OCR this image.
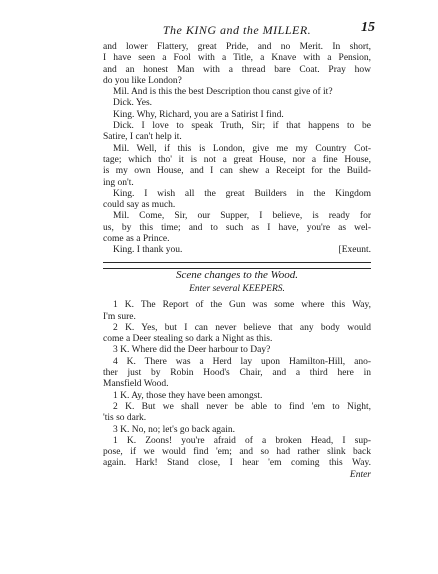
The KING and the MILLER.	15
and lower Flattery, great Pride, and no Merit. In short,
I have seen a Fool with a Title, a Knave with a Pension,
and an honest Man with a thread bare Coat. Pray how
do you like London?
Mil. And is this the best Description thou canst give of it?
Dick. Yes.
King. Why, Richard, you are a Satirist I find.
Dick. I love to speak Truth, Sir; if that happens to be
Satire, I can't help it.
Mil. Well, if this is London, give me my Country Cot-
tage; which tho' it is not a great House, nor a fine House,
is my own House, and I can shew a Receipt for the Build-
ing on't.
King. I wish all the great Builders in the Kingdom
could say as much.
Mil. Come, Sir, our Supper, I believe, is ready for
us, by this time; and to such as I have, you're as wel-
come as a Prince.
King. I thank you.	[Exeunt.
Scene changes to the Wood.
Enter several KEEPERS.
1 K. The Report of the Gun was some where this Way,
I'm sure.
2 K. Yes, but I can never believe that any body would
come a Deer stealing so dark a Night as this.
3 K. Where did the Deer harbour to Day?
4 K. There was a Herd lay upon Hamilton-Hill, ano-
ther just by Robin Hood's Chair, and a third here in
Mansfield Wood.
1 K. Ay, those they have been amongst.
2 K. But we shall never be able to find 'em to Night,
'tis so dark.
3 K. No, no; let's go back again.
1 K. Zoons! you're afraid of a broken Head, I sup-
pose, if we would find 'em; and so had rather slink back
again. Hark! Stand close, I hear 'em coming this Way.
Enter
